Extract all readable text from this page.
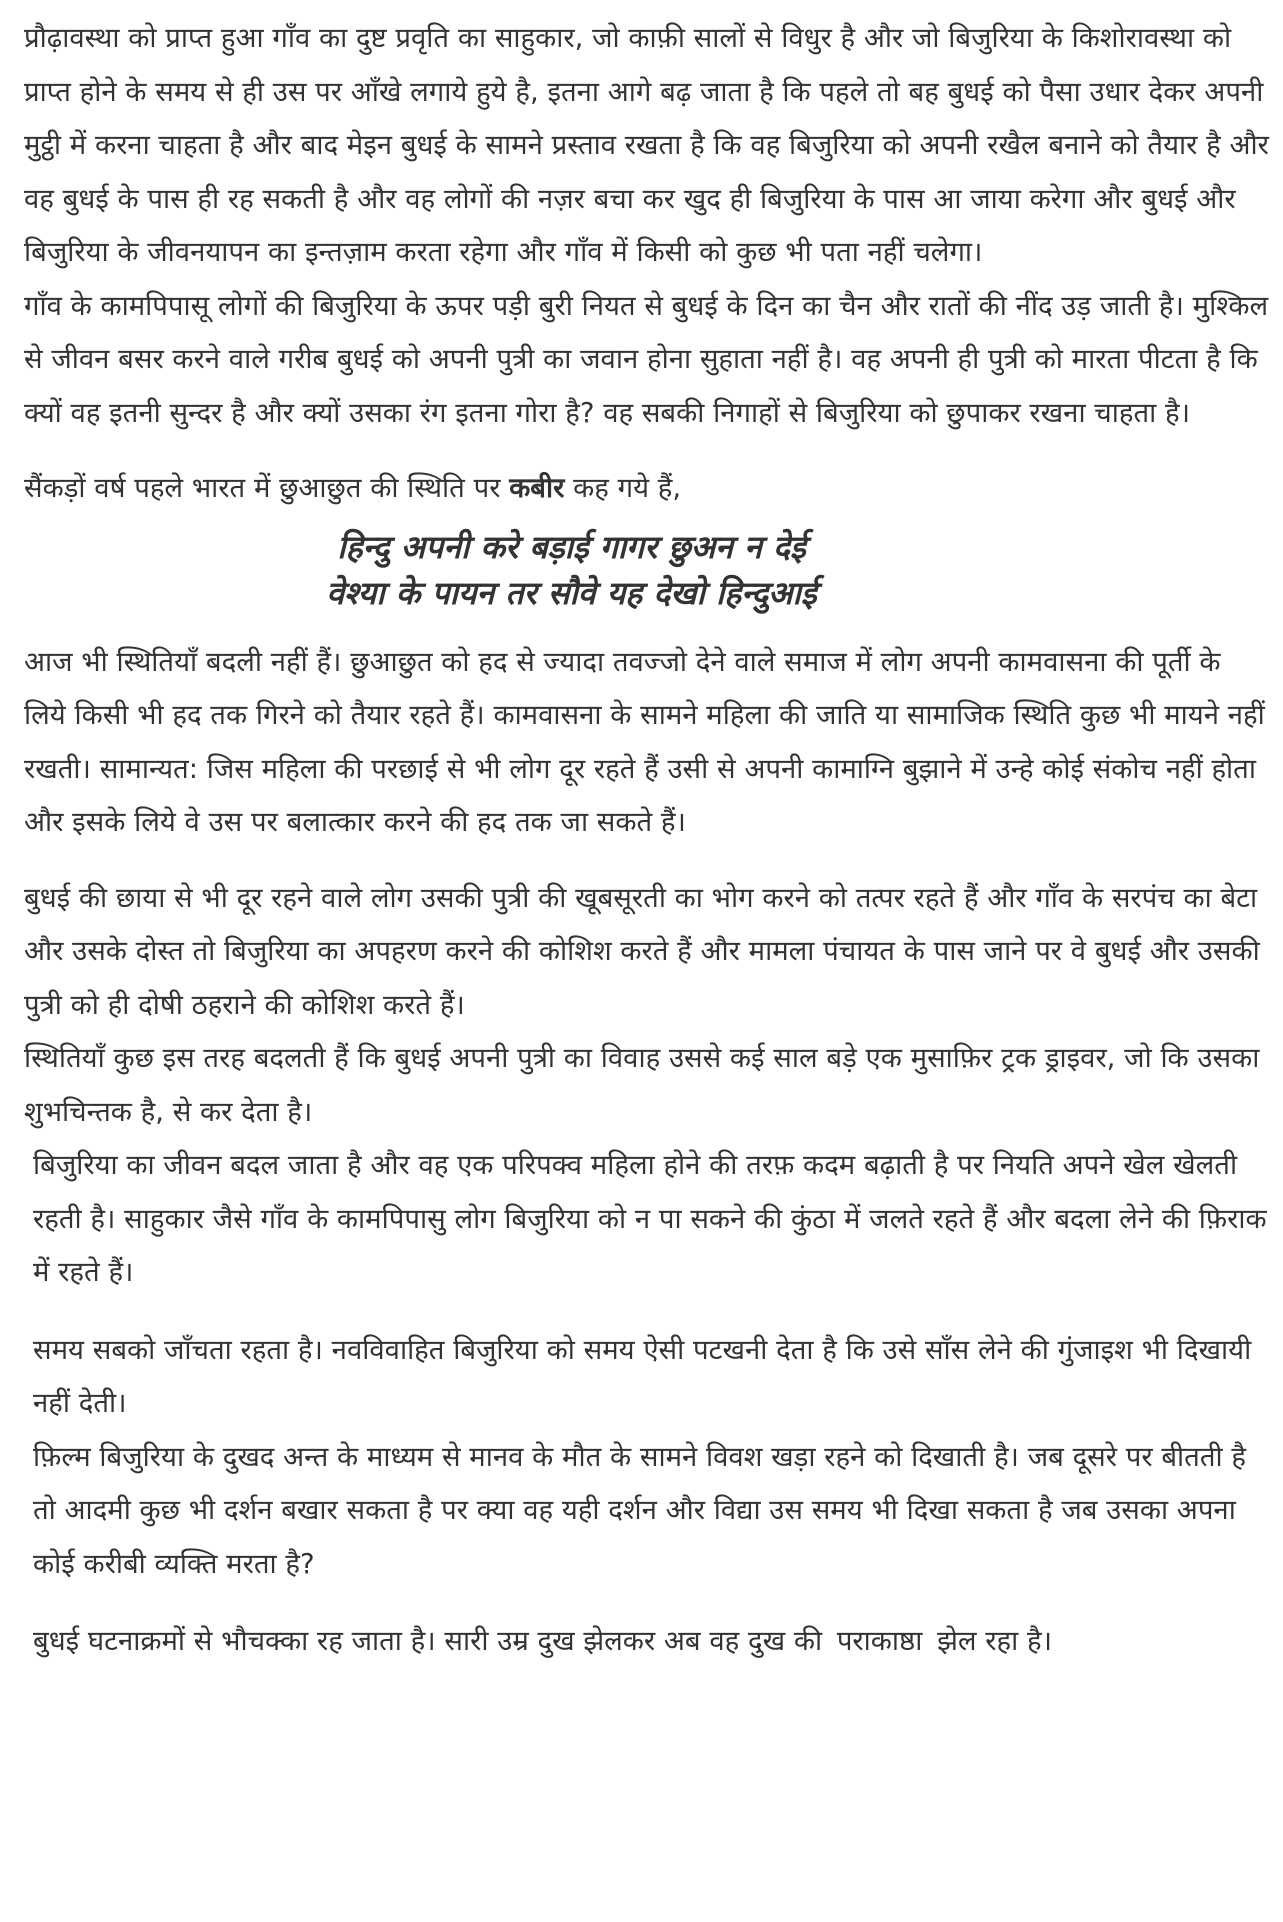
प्रौढ़ावस्था को प्राप्त हुआ गाँव का दुष्ट प्रवृति का साहुकार, जो काफ़ी सालों से विधुर है और जो बिजुरिया के किशोरावस्था को प्राप्त होने के समय से ही उस पर आँखे लगाये हुये है, इतना आगे बढ़ जाता है कि पहले तो बह बुधई को पैसा उधार देकर अपनी मुट्ठी में करना चाहता है और बाद मेइन बुधई के सामने प्रस्ताव रखता है कि वह बिजुरिया को अपनी रखैल बनाने को तैयार है और वह बुधई के पास ही रह सकती है और वह लोगों की नज़र बचा कर खुद ही बिजुरिया के पास आ जाया करेगा और बुधई और बिजुरिया के जीवनयापन का इन्तज़ाम करता रहेगा और गाँव में किसी को कुछ भी पता नहीं चलेगा।

गाँव के कामपिपासू लोगों की बिजुरिया के ऊपर पड़ी बुरी नियत से बुधई के दिन का चैन और रातों की नींद उड़ जाती है। मुश्किल से जीवन बसर करने वाले गरीब बुधई को अपनी पुत्री का जवान होना सुहाता नहीं है। वह अपनी ही पुत्री को मारता पीटता है कि क्यों वह इतनी सुन्दर है और क्यों उसका रंग इतना गोरा है? वह सबकी निगाहों से बिजुरिया को छुपाकर रखना चाहता है।

सैंकड़ों वर्ष पहले भारत में छुआछुत की स्थिति पर कबीर कह गये हैं,

हिन्दु अपनी करे बड़ाई गागर छुअन न देई
वेश्या के पायन तर सौवे यह देखो हिन्दुआई

आज भी स्थितियाँ बदली नहीं हैं। छुआछुत को हद से ज्यादा तवज्जो देने वाले समाज में लोग अपनी कामवासना की पूर्ती के लिये किसी भी हद तक गिरने को तैयार रहते हैं। कामवासना के सामने महिला की जाति या सामाजिक स्थिति कुछ भी मायने नहीं रखती। सामान्यत: जिस महिला की परछाई से भी लोग दूर रहते हैं उसी से अपनी कामाग्नि बुझाने में उन्हे कोई संकोच नहीं होता और इसके लिये वे उस पर बलात्कार करने की हद तक जा सकते हैं।

बुधई की छाया से भी दूर रहने वाले लोग उसकी पुत्री की खूबसूरती का भोग करने को तत्पर रहते हैं और गाँव के सरपंच का बेटा और उसके दोस्त तो बिजुरिया का अपहरण करने की कोशिश करते हैं और मामला पंचायत के पास जाने पर वे बुधई और उसकी पुत्री को ही दोषी ठहराने की कोशिश करते हैं।

स्थितियाँ कुछ इस तरह बदलती हैं कि बुधई अपनी पुत्री का विवाह उससे कई साल बड़े एक मुसाफ़िर ट्रक ड्राइवर, जो कि उसका शुभचिन्तक है, से कर देता है।

बिजुरिया का जीवन बदल जाता है और वह एक परिपक्व महिला होने की तरफ़ कदम बढ़ाती है पर नियति अपने खेल खेलती रहती है। साहुकार जैसे गाँव के कामपिपासु लोग बिजुरिया को न पा सकने की कुंठा में जलते रहते हैं और बदला लेने की फ़िराक में रहते हैं।

समय सबको जाँचता रहता है। नवविवाहित बिजुरिया को समय ऐसी पटखनी देता है कि उसे साँस लेने की गुंजाइश भी दिखायी नहीं देती।

फ़िल्म बिजुरिया के दुखद अन्त के माध्यम से मानव के मौत के सामने विवश खड़ा रहने को दिखाती है। जब दूसरे पर बीतती है तो आदमी कुछ भी दर्शन बखार सकता है पर क्या वह यही दर्शन और विद्या उस समय भी दिखा सकता है जब उसका अपना कोई करीबी व्यक्ति मरता है?

बुधई घटनाक्रमों से भौचक्का रह जाता है। सारी उम्र दुख झेलकर अब वह दुख की पराकाष्ठा झेल रहा है।
